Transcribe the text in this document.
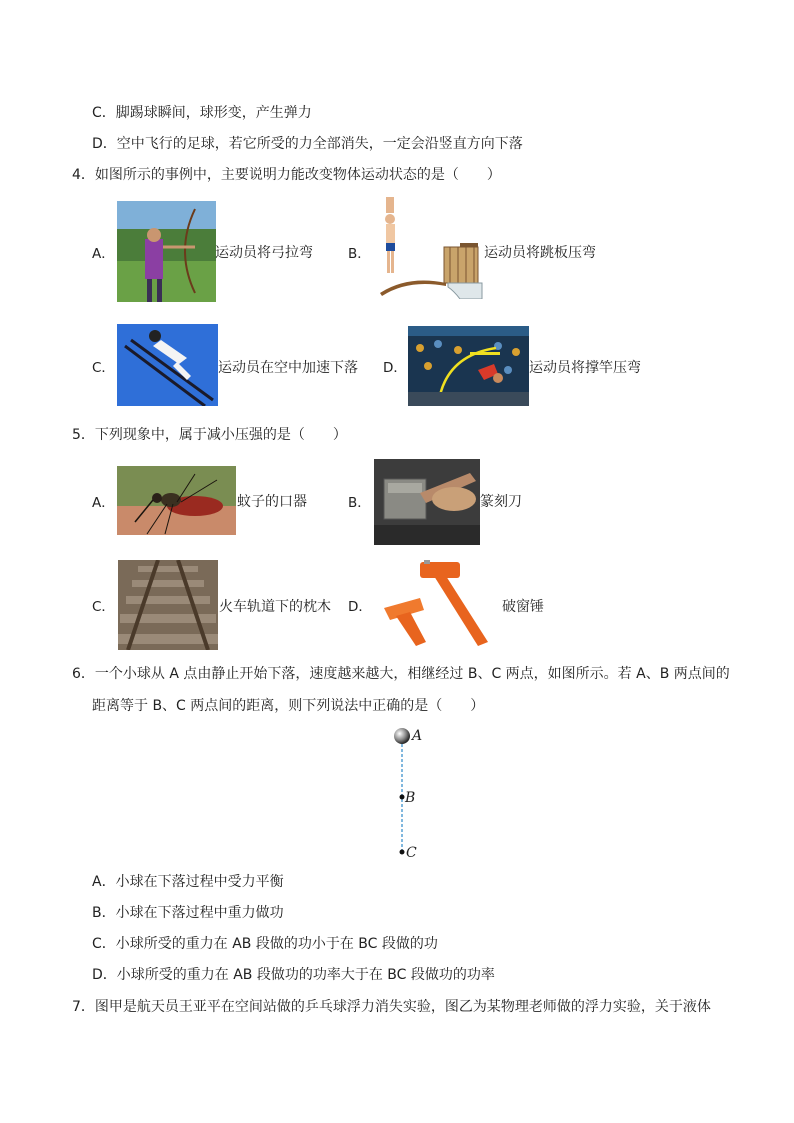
C．脚踢球瞬间，球形变，产生弹力
D．空中飞行的足球，若它所受的力全部消失，一定会沿竖直方向下落
4．如图所示的事例中，主要说明力能改变物体运动状态的是（　　）
A．	运动员将弓拉弯	B．	运动员将跳板压弯
C．	运动员在空中加速下落 D．	运动员将撑竿压弯
5．下列现象中，属于减小压强的是（　　）
A．	蚊子的口器	B．	篆刻刀
C．	火车轨道下的枕木 D．	破窗锤
6．一个小球从 A 点由静止开始下落，速度越来越大，相继经过 B、C 两点，如图所示。若 A、B 两点间的
距离等于 B、C 两点间的距离，则下列说法中正确的是（　　）
A
B
C
A．小球在下落过程中受力平衡
B．小球在下落过程中重力做功
C．小球所受的重力在 AB 段做的功小于在 BC 段做的功
D．小球所受的重力在 AB 段做功的功率大于在 BC 段做功的功率
7．图甲是航天员王亚平在空间站做的乒乓球浮力消失实验，图乙为某物理老师做的浮力实验，关于液体
